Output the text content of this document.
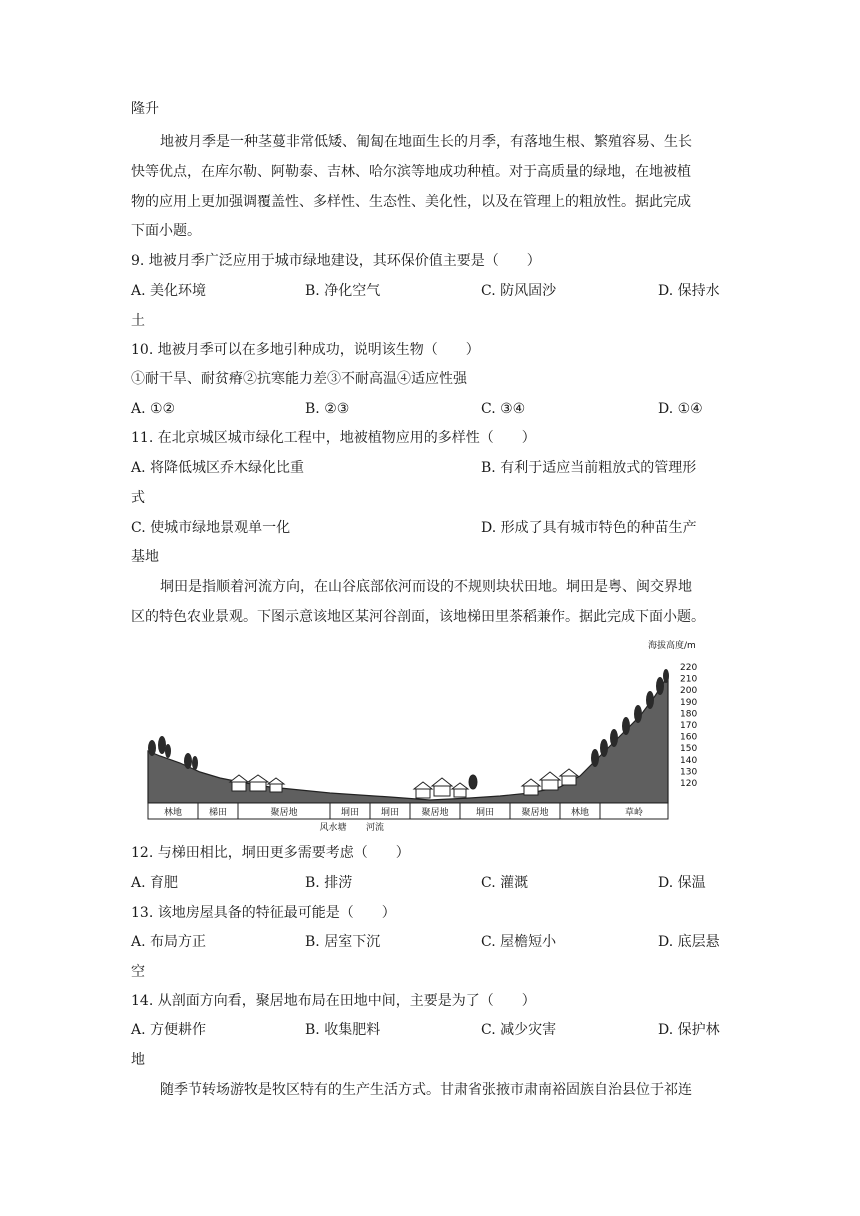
隆升
地被月季是一种茎蔓非常低矮、匍匐在地面生长的月季，有落地生根、繁殖容易、生长
快等优点，在库尔勒、阿勒泰、吉林、哈尔滨等地成功种植。对于高质量的绿地，在地被植
物的应用上更加强调覆盖性、多样性、生态性、美化性，以及在管理上的粗放性。据此完成
下面小题。
9. 地被月季广泛应用于城市绿地建设，其环保价值主要是（　　）
A. 美化环境	B. 净化空气	C. 防风固沙	D. 保持水
土
10. 地被月季可以在多地引种成功，说明该生物（　　）
①耐干旱、耐贫瘠②抗寒能力差③不耐高温④适应性强
A. ①②	B. ②③	C. ③④	D. ①④
11. 在北京城区城市绿化工程中，地被植物应用的多样性（　　）
A. 将降低城区乔木绿化比重	B. 有利于适应当前粗放式的管理形
式
C. 使城市绿地景观单一化	D. 形成了具有城市特色的种苗生产
基地
垌田是指顺着河流方向，在山谷底部依河而设的不规则块状田地。垌田是粤、闽交界地
区的特色农业景观。下图示意该地区某河谷剖面，该地梯田里茶稻兼作。据此完成下面小题。
林地	梯田	聚居地	垌田 垌田 聚居地	垌田	聚居地 林地	草岭
风水塘 河流
海拔高度/m
220
210
200
190
180
170
160
150
140
130
120
12. 与梯田相比，垌田更多需要考虑（　　）
A. 育肥	B. 排涝	C. 灌溉	D. 保温
13. 该地房屋具备的特征最可能是（　　）
A. 布局方正	B. 居室下沉	C. 屋檐短小	D. 底层悬
空
14. 从剖面方向看，聚居地布局在田地中间，主要是为了（　　）
A. 方便耕作	B. 收集肥料	C. 减少灾害	D. 保护林
地
随季节转场游牧是牧区特有的生产生活方式。甘肃省张掖市肃南裕固族自治县位于祁连
